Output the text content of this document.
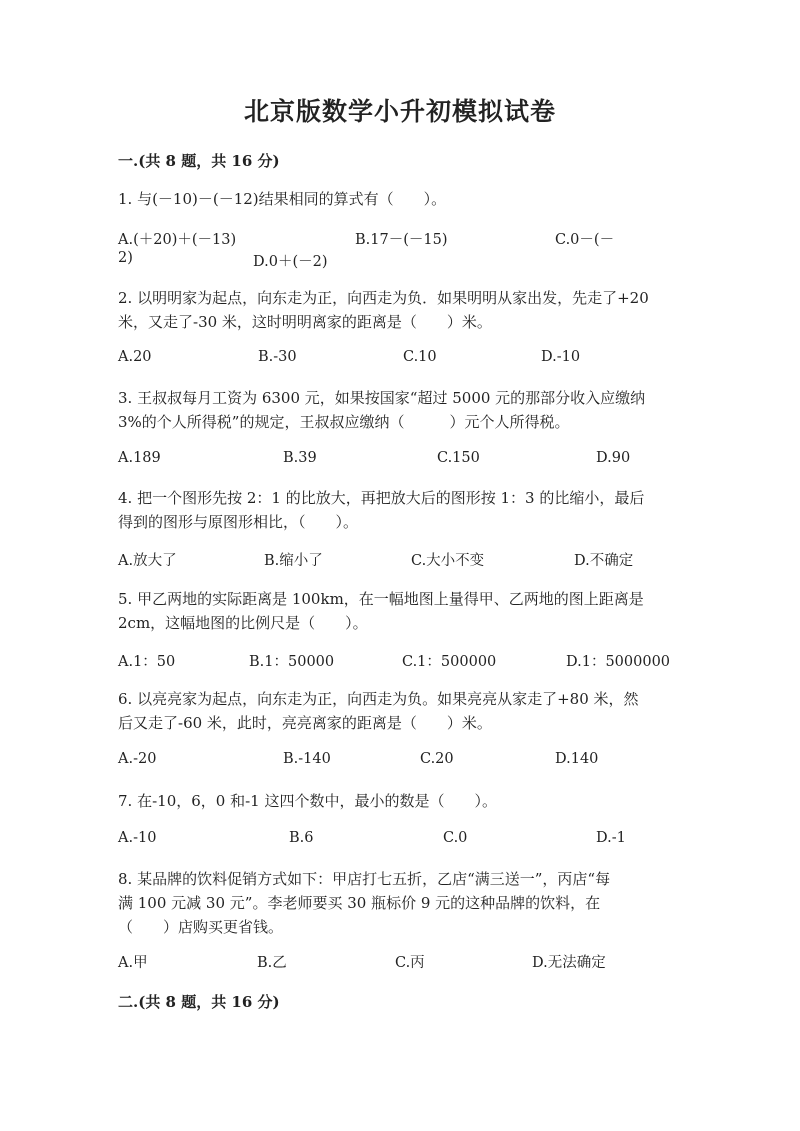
北京版数学小升初模拟试卷
一.(共 8 题，共 16 分)
1. 与(－10)－(－12)结果相同的算式有（　　）。
A.(＋20)＋(－13)	B.17－(－15)	C.0－(－
2)	D.0＋(－2)
2. 以明明家为起点，向东走为正，向西走为负．如果明明从家出发，先走了+20
米，又走了-30 米，这时明明离家的距离是（　　）米。
A.20	B.-30	C.10	D.-10
3. 王叔叔每月工资为 6300 元，如果按国家“超过 5000 元的那部分收入应缴纳
3%的个人所得税”的规定，王叔叔应缴纳（　　　）元个人所得税。
A.189	B.39	C.150	D.90
4. 把一个图形先按 2：1 的比放大，再把放大后的图形按 1：3 的比缩小，最后
得到的图形与原图形相比，（　　）。
A.放大了	B.缩小了	C.大小不变	D.不确定
5. 甲乙两地的实际距离是 100km，在一幅地图上量得甲、乙两地的图上距离是
2cm，这幅地图的比例尺是（　　）。
A.1：50	B.1：50000	C.1：500000	D.1：5000000
6. 以亮亮家为起点，向东走为正，向西走为负。如果亮亮从家走了+80 米，然
后又走了-60 米，此时，亮亮离家的距离是（　　）米。
A.-20	B.-140	C.20	D.140
7. 在-10，6，0 和-1 这四个数中，最小的数是（　　）。
A.-10	B.6	C.0	D.-1
8. 某品牌的饮料促销方式如下：甲店打七五折，乙店“满三送一”，丙店“每
满 100 元减 30 元”。李老师要买 30 瓶标价 9 元的这种品牌的饮料，在
（　　）店购买更省钱。
A.甲	B.乙	C.丙	D.无法确定
二.(共 8 题，共 16 分)
